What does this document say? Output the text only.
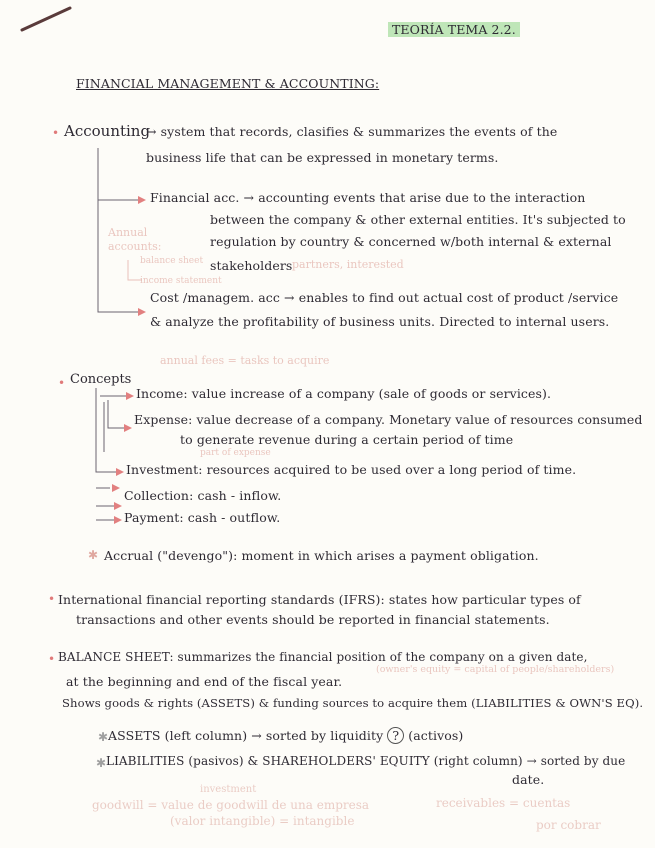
TEORÍA TEMA 2.2.
FINANCIAL MANAGEMENT & ACCOUNTING:
• Accounting
→ system that records, clasifies & summarizes the events of the
business life that can be expressed in monetary terms.
Financial acc. → accounting events that arise due to the interaction
between the company & other external entities. It's subjected to
regulation by country & concerned w/both internal & external
stakeholders partners, interested
Annual
accounts:
balance sheet
income statement
Cost /managem. acc → enables to find out actual cost of product /service
& analyze the profitability of business units. Directed to internal users.
annual fees = tasks to acquire
• Concepts
Income: value increase of a company (sale of goods or services).
Expense: value decrease of a company. Monetary value of resources consumed
to generate revenue during a certain period of time
part of expense
Investment: resources acquired to be used over a long period of time.
Collection: cash - inflow.
Payment: cash - outflow.
✱ Accrual ("devengo"): moment in which arises a payment obligation.
• International financial reporting standards (IFRS): states how particular types of
transactions and other events should be reported in financial statements.
• BALANCE SHEET: summarizes the financial position of the company on a given date,
at the beginning and end of the fiscal year.
(owner's equity = capital of people/shareholders)
Shows goods & rights (ASSETS) & funding sources to acquire them (LIABILITIES & OWN'S EQ).
✱ ASSETS (left column) → sorted by liquidity ? (activos)
✱ LIABILITIES (pasivos) & SHAREHOLDERS' EQUITY (right column) → sorted by due
date.
investment
goodwill = value de goodwill de una empresa
(valor intangible) = intangible
receivables = cuentas
por cobrar
